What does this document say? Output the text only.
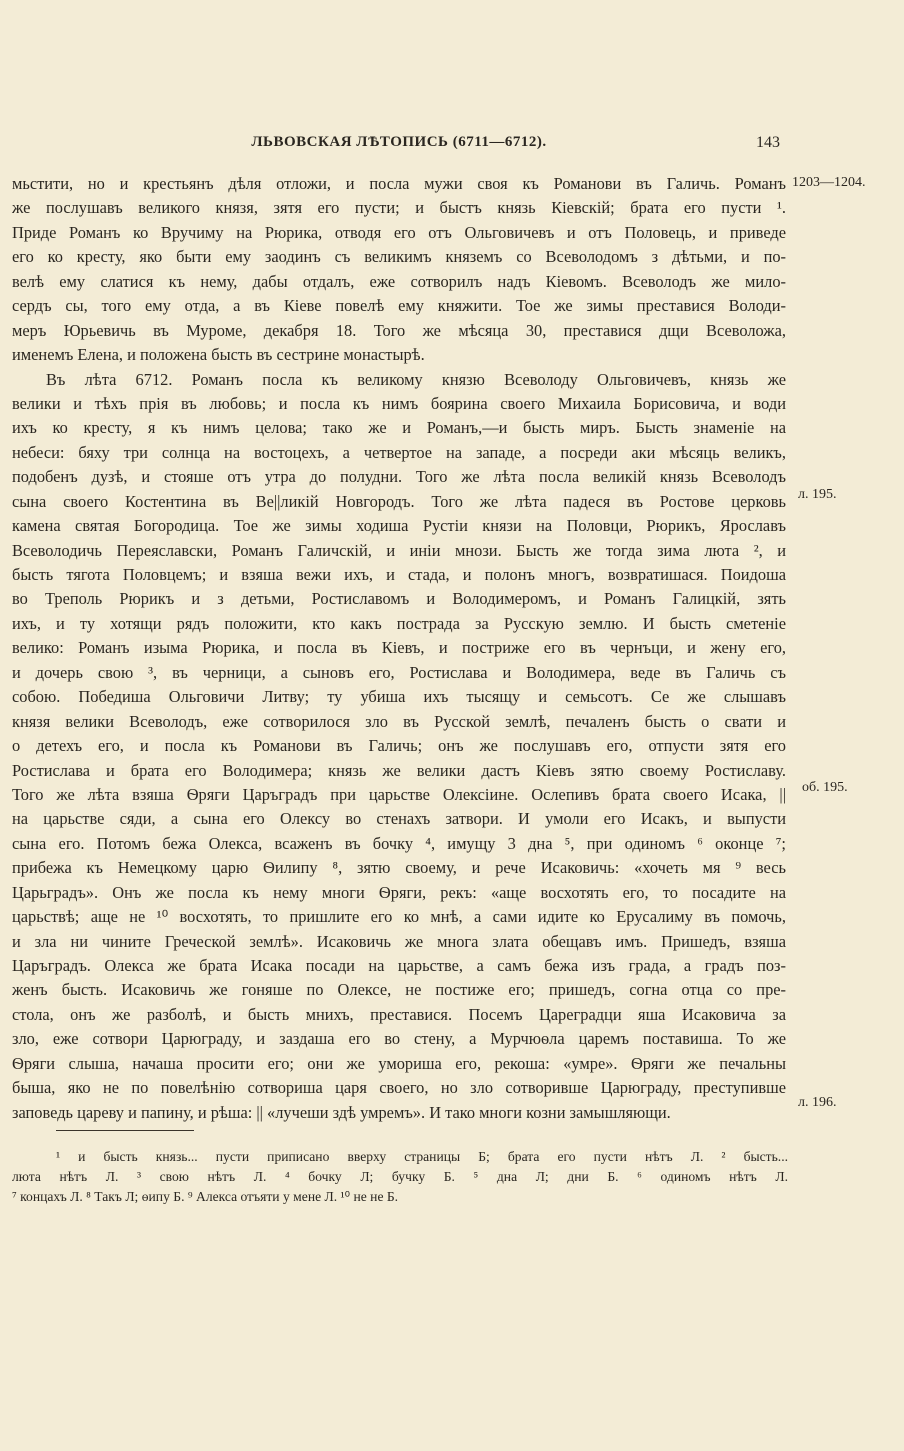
ЛЬВОВСКАЯ ЛѢТОПИСЬ (6711—6712).	143
мьстити, но и крестьянъ дѣля отложи, и посла мужи своя къ Романови въ Галичь. Романъ
же послушавъ великого князя, зятя его пусти; и быстъ князь Кіевскій; брата его пусти ¹.
Приде Романъ ко Вручиму на Рюрика, отводя его отъ Ольговичевъ и отъ Половець, и приведе
его ко кресту, яко быти ему заодинъ съ великимъ княземъ со Всеволодомъ з дѣтьми, и по-
велѣ ему слатися къ нему, дабы отдалъ, еже сотворилъ надъ Кіевомъ. Всеволодъ же мило-
сердъ сы, того ему отда, а въ Кіеве повелѣ ему княжити. Тое же зимы преставися Володи-
меръ Юрьевичь въ Муроме, декабря 18. Того же мѣсяца 30, преставися дщи Всеволожа,
именемъ Елена, и положена бысть въ сестрине монастырѣ.
Въ лѣта 6712. Романъ посла къ великому князю Всеволоду Ольговичевъ, князь же
велики и тѣхъ прія въ любовь; и посла къ нимъ боярина своего Михаила Борисовича, и води
ихъ ко кресту, я къ нимъ целова; тако же и Романъ,—и бысть миръ. Бысть знаменіе на
небеси: бяху три солнца на востоцехъ, а четвертое на западе, а посреди аки мѣсяць великъ,
подобенъ дузѣ, и стояше отъ утра до полудни. Того же лѣта посла великій князь Всеволодъ
сына своего Костентина въ Ве||ликій Новгородъ. Того же лѣта падеся въ Ростове церковь
камена святая Богородица. Тое же зимы ходиша Рустіи князи на Половци, Рюрикъ, Ярославъ
Всеволодичь Переяславски, Романъ Галичскій, и иніи мнози. Бысть же тогда зима люта ², и
бысть тягота Половцемъ; и взяша вежи ихъ, и стада, и полонъ многъ, возвратишася. Поидоша
во Трeполь Рюрикъ и з детьми, Ростиславомъ и Володимеромъ, и Романъ Галицкій, зять
ихъ, и ту хотящи рядъ положити, кто какъ пострада за Русскую землю. И бысть сметеніе
велико: Романъ изыма Рюрика, и посла въ Кіевъ, и постриже его въ чернъци, и жену его,
и дочерь свою ³, въ черници, а сыновъ его, Ростислава и Володимера, веде въ Галичь съ
собою. Победиша Ольговичи Литву; ту убиша ихъ тысящу и семьсотъ. Се же слышавъ
князя велики Всеволодъ, еже сотворилося зло въ Русской землѣ, печаленъ бысть о свати и
о детехъ его, и посла къ Романови въ Галичь; онъ же послушавъ его, отпусти зятя его
Ростислава и брата его Володимера; князь же велики дастъ Кіевъ зятю своему Ростиславу.
Того же лѣта взяша Ѳряги Царъградъ при царьстве Олексіине. Ослепивъ брата своего Исака, ||
на царьстве сяди, а сына его Олексу во стенахъ затвори. И умоли его Исакъ, и выпусти
сына его. Потомъ бежа Олекса, всаженъ въ бочку ⁴, имущу 3 дна ⁵, при одиномъ ⁶ оконце ⁷;
прибежа къ Немецкому царю Ѳилипу ⁸, зятю своему, и рече Исаковичь: «хочеть мя ⁹ весь
Царьградъ». Онъ же посла къ нему многи Ѳряги, рекъ: «аще восхотять его, то посадите на
царьствѣ; аще не ¹⁰ восхотять, то пришлите его ко мнѣ, а сами идите ко Ерусалиму въ помочь,
и зла ни чините Греческой землѣ». Исаковичь же многа злата обещавъ имъ. Пришедъ, взяша
Царъградъ. Олекса же брата Исака посади на царьстве, а самъ бежа изъ града, а градъ поз-
женъ бысть. Исаковичь же гоняше по Олексе, не постиже его; пришедъ, согна отца со пре-
стола, онъ же разболѣ, и бысть мнихъ, преставися. Посемъ Цареградци яша Исаковича за
зло, еже сотвори Царюграду, и заздаша его во стену, а Мурчюѳла царемъ поставиша. То же
Ѳряги слыша, начаша просити его; они же умориша его, рекоша: «умре». Ѳряги же печальны
быша, яко не по повелѣнію сотвориша царя своего, но зло сотворивше Царюграду, преступивше
заповедь цареву и папину, и рѣша: || «лучеши здѣ умремъ». И тако многи козни замышляющи.
1203—1204.
л. 195.
об. 195.
л. 196.
¹ и бысть князь... пусти приписано вверху страницы Б; брата его пусти нѣтъ Л. ² бысть...
люта нѣтъ Л. ³ свою нѣтъ Л. ⁴ бочку Л; бучку Б. ⁵ дна Л; дни Б. ⁶ одиномъ нѣтъ Л.
⁷ концахъ Л. ⁸ Такъ Л; ѳипу Б. ⁹ Алекса отъяти у мене Л. ¹⁰ не не Б.
